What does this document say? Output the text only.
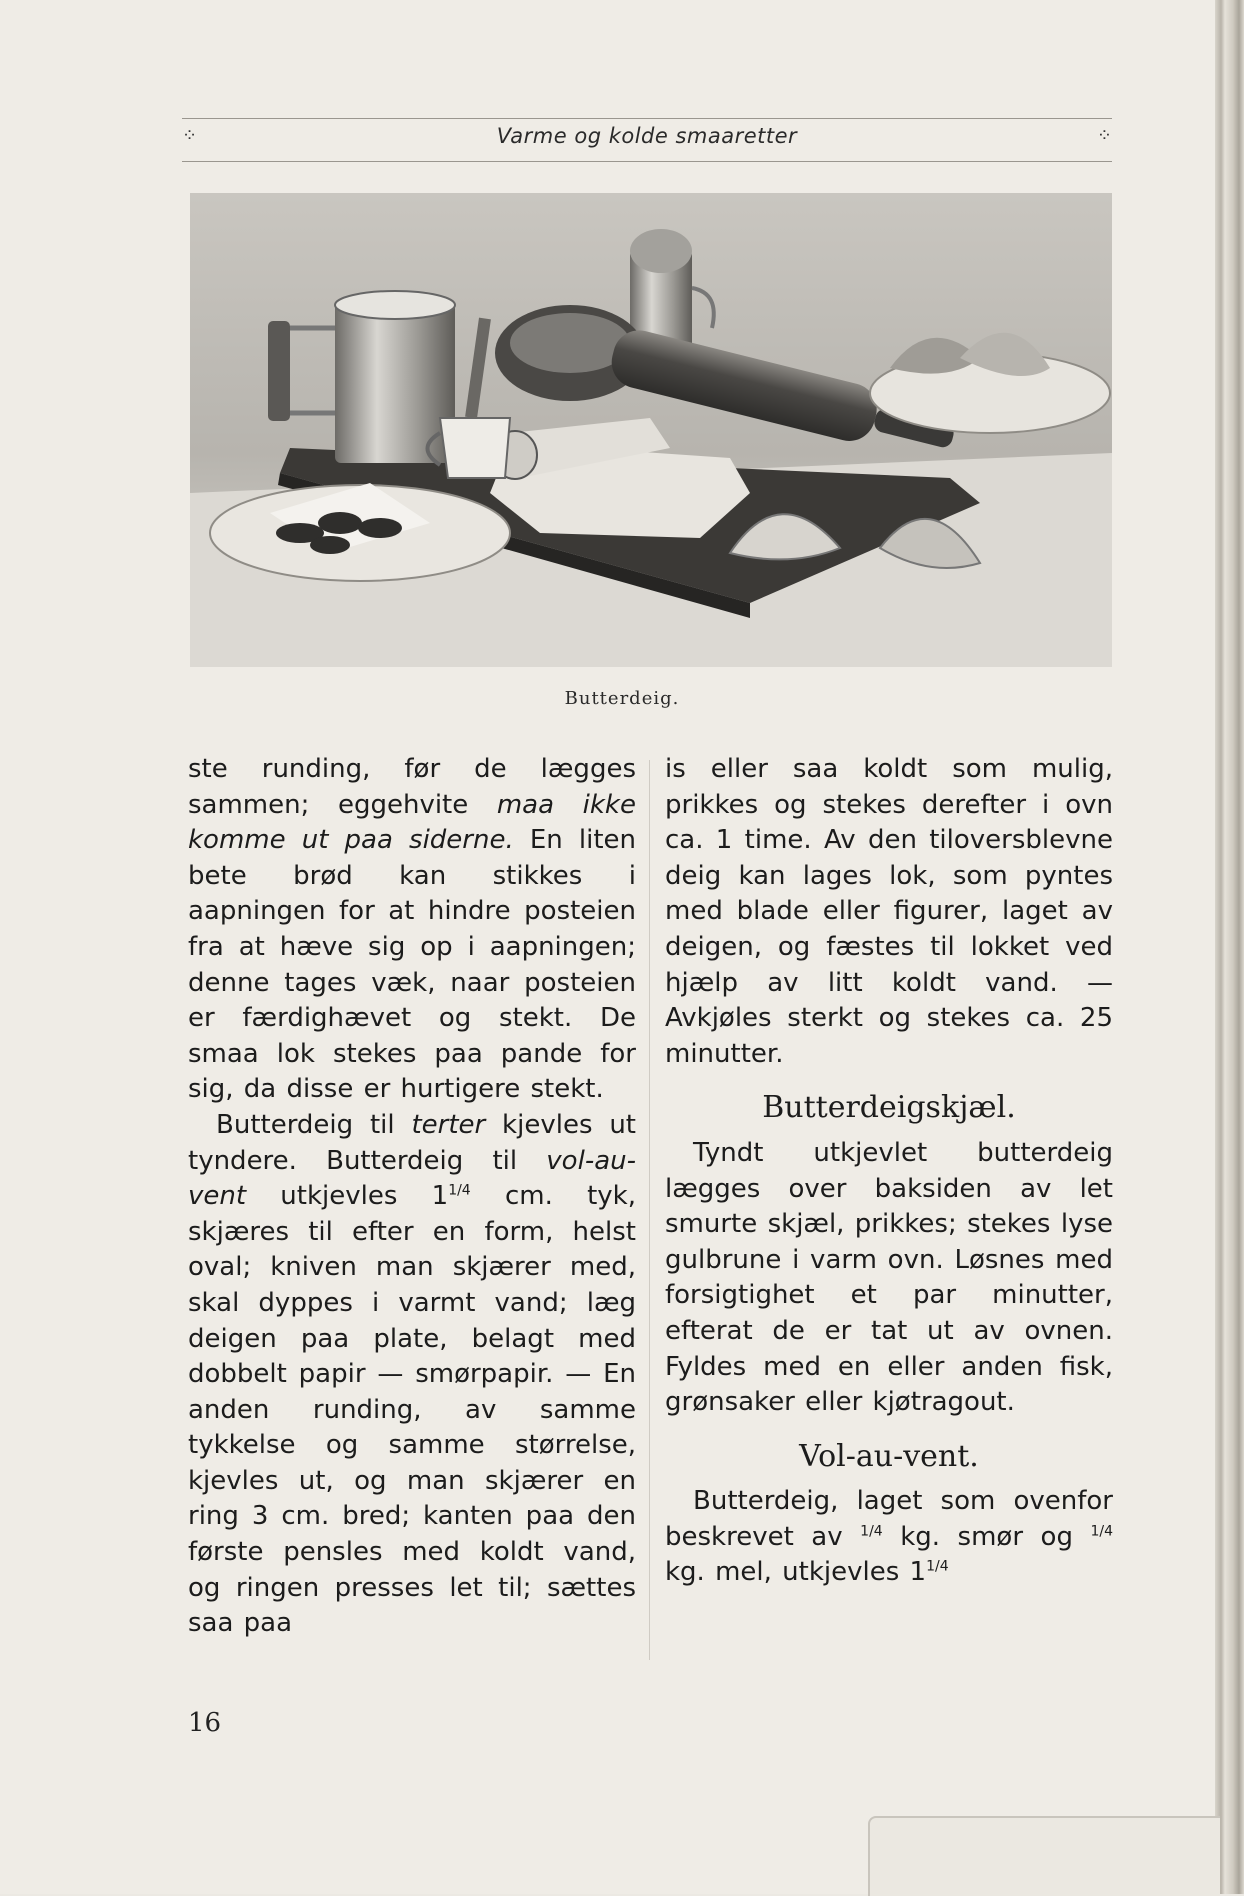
⁘	Varme og kolde smaaretter	⁘
Butterdeig.

ste runding, før de lægges sammen; eggehvite maa ikke komme ut paa siderne. En liten bete brød kan stikkes i aapningen for at hindre posteien fra at hæve sig op i aapningen; denne tages væk, naar posteien er færdighævet og stekt. De smaa lok stekes paa pande for sig, da disse er hurtigere stekt.

Butterdeig til terter kjevles ut tyndere. Butterdeig til vol-au-vent utkjevles $1^{1/4}$ cm. tyk, skjæres til efter en form, helst oval; kniven man skjærer med, skal dyppes i varmt vand; læg deigen paa plate, belagt med dobbelt papir — smørpapir. — En anden runding, av samme tykkelse og samme størrelse, kjevles ut, og man skjærer en ring 3 cm. bred; kanten paa den første pensles med koldt vand, og ringen presses let til; sættes saa paa

is eller saa koldt som mulig, prikkes og stekes derefter i ovn ca. 1 time. Av den tiloversblevne deig kan lages lok, som pyntes med blade eller figurer, laget av deigen, og fæstes til lokket ved hjælp av litt koldt vand. — Avkjøles sterkt og stekes ca. 25 minutter.

Butterdeigskjæl.

Tyndt utkjevlet butterdeig lægges over baksiden av let smurte skjæl, prikkes; stekes lyse gulbrune i varm ovn. Løsnes med forsigtighet et par minutter, efterat de er tat ut av ovnen. Fyldes med en eller anden fisk, grønsaker eller kjøtragout.

Vol-au-vent.

Butterdeig, laget som ovenfor beskrevet av $^{1/4}$ kg. smør og $^{1/4}$ kg. mel, utkjevles $1^{1/4}$

16
